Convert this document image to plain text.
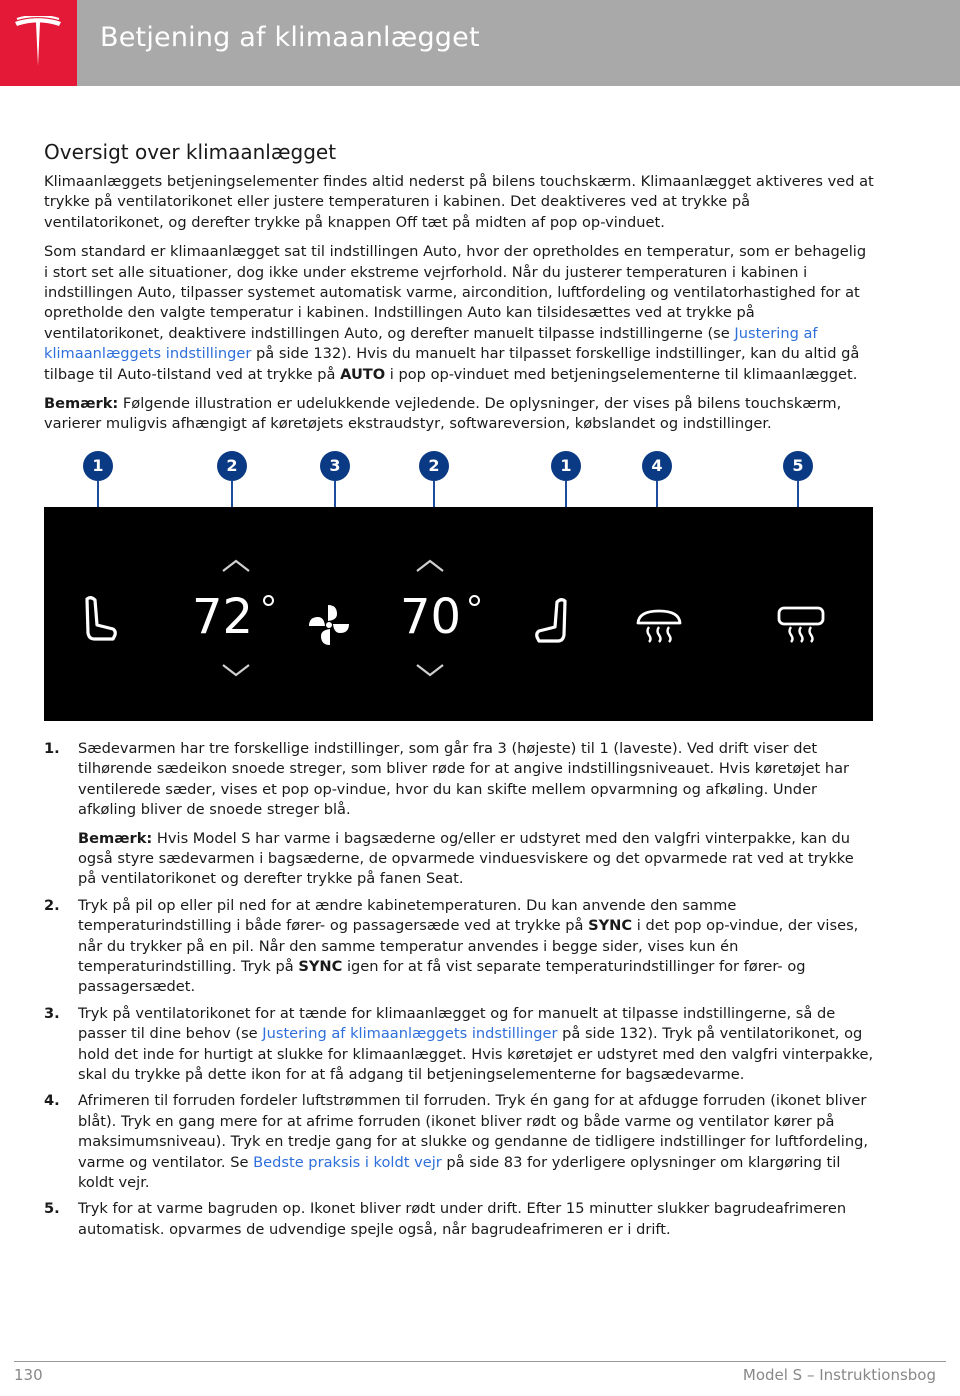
Betjening af klimaanlægget
Oversigt over klimaanlægget

Klimaanlæggets betjeningselementer findes altid nederst på bilens touchskærm. Klimaanlægget aktiveres ved at trykke på ventilatorikonet eller justere temperaturen i kabinen. Det deaktiveres ved at trykke på ventilatorikonet, og derefter trykke på knappen Off tæt på midten af pop op-vinduet.

Som standard er klimaanlægget sat til indstillingen Auto, hvor der opretholdes en temperatur, som er behagelig i stort set alle situationer, dog ikke under ekstreme vejrforhold. Når du justerer temperaturen i kabinen i indstillingen Auto, tilpasser systemet automatisk varme, aircondition, luftfordeling og ventilatorhastighed for at opretholde den valgte temperatur i kabinen. Indstillingen Auto kan tilsidesættes ved at trykke på ventilatorikonet, deaktivere indstillingen Auto, og derefter manuelt tilpasse indstillingerne (se Justering af klimaanlæggets indstillinger på side 132). Hvis du manuelt har tilpasset forskellige indstillinger, kan du altid gå tilbage til Auto-tilstand ved at trykke på AUTO i pop op-vinduet med betjeningselementerne til klimaanlægget.

Bemærk: Følgende illustration er udelukkende vejledende. De oplysninger, der vises på bilens touchskærm, varierer muligvis afhængigt af køretøjets ekstraudstyr, softwareversion, købslandet og indstillinger.

1	2	3	2	1	4	5
72	70
1. Sædevarmen har tre forskellige indstillinger, som går fra 3 (højeste) til 1 (laveste). Ved drift viser det tilhørende sædeikon snoede streger, som bliver røde for at angive indstillingsniveauet. Hvis køretøjet har ventilerede sæder, vises et pop op-vindue, hvor du kan skifte mellem opvarmning og afkøling. Under afkøling bliver de snoede streger blå.
Bemærk: Hvis Model S har varme i bagsæderne og/eller er udstyret med den valgfri vinterpakke, kan du også styre sædevarmen i bagsæderne, de opvarmede vinduesviskere og det opvarmede rat ved at trykke på ventilatorikonet og derefter trykke på fanen Seat.
2. Tryk på pil op eller pil ned for at ændre kabinetemperaturen. Du kan anvende den samme temperaturindstilling i både fører- og passagersæde ved at trykke på SYNC i det pop op-vindue, der vises, når du trykker på en pil. Når den samme temperatur anvendes i begge sider, vises kun én temperaturindstilling. Tryk på SYNC igen for at få vist separate temperaturindstillinger for fører- og passagersædet.
3. Tryk på ventilatorikonet for at tænde for klimaanlægget og for manuelt at tilpasse indstillingerne, så de passer til dine behov (se Justering af klimaanlæggets indstillinger på side 132). Tryk på ventilatorikonet, og hold det inde for hurtigt at slukke for klimaanlægget. Hvis køretøjet er udstyret med den valgfri vinterpakke, skal du trykke på dette ikon for at få adgang til betjeningselementerne for bagsædevarme.
4. Afrimeren til forruden fordeler luftstrømmen til forruden. Tryk én gang for at afdugge forruden (ikonet bliver blåt). Tryk en gang mere for at afrime forruden (ikonet bliver rødt og både varme og ventilator kører på maksimumsniveau). Tryk en tredje gang for at slukke og gendanne de tidligere indstillinger for luftfordeling, varme og ventilator. Se Bedste praksis i koldt vejr på side 83 for yderligere oplysninger om klargøring til koldt vejr.
5. Tryk for at varme bagruden op. Ikonet bliver rødt under drift. Efter 15 minutter slukker bagrudeafrimeren automatisk. opvarmes de udvendige spejle også, når bagrudeafrimeren er i drift.
130	Model S – Instruktionsbog
